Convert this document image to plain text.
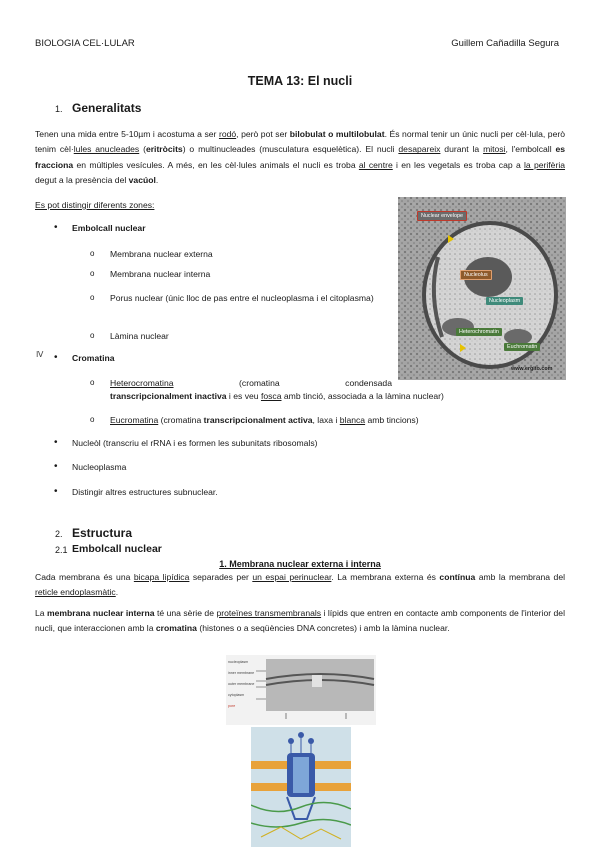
BIOLOGIA CEL·LULAR	Guillem Cañadilla Segura
TEMA 13: El nucli
1. Generalitats
Tenen una mida entre 5-10µm i acostuma a ser rodó, però pot ser bilobulat o multilobulat. És normal tenir un únic nucli per cèl·lula, però tenim cèl·lules anucleades (eritròcits) o multinucleades (musculatura esquelètica). El nucli desapareix durant la mitosi, l'embolcall es fracciona en múltiples vesícules. A més, en les cèl·lules animals el nucli es troba al centre i en les vegetals es troba cap a la perifèria degut a la presència del vacúol.
Es pot distingir diferents zones:
• Embolcall nuclear
o Membrana nuclear externa
o Membrana nuclear interna
o Porus nuclear (únic lloc de pas entre el nucleoplasma i el citoplasma)
o Làmina nuclear
Ⅳ • Cromatina
o Heterocromatina	(cromatina	condensada
transcripcionalment inactiva i es veu fosca amb tinció, associada a la làmina nuclear)
o Eucromatina (cromatina transcripcionalment activa, laxa i blanca amb tincions)
• Nucleòl (transcriu el rRNA i es formen les subunitats ribosomals)
• Nucleoplasma
• Distingir altres estructures subnuclear.
Nuclear envelope
Nucleolus
Nucleoplasm
Heterochromatin
Euchromatin
www.ergito.com
2. Estructura
2.1 Embolcall nuclear
1. Membrana nuclear externa i interna
Cada membrana és una bicapa lipídica separades per un espai perinuclear. La membrana externa és contínua amb la membrana del reticle endoplasmàtic.
La membrana nuclear interna té una sèrie de proteïnes transmembranals i lípids que entren en contacte amb components de l'interior del nucli, que interaccionen amb la cromatina (histones o a seqüències DNA concretes) i amb la làmina nuclear.
nucleoplasm
inner membrane
outer membrane
cytoplasm
pore
